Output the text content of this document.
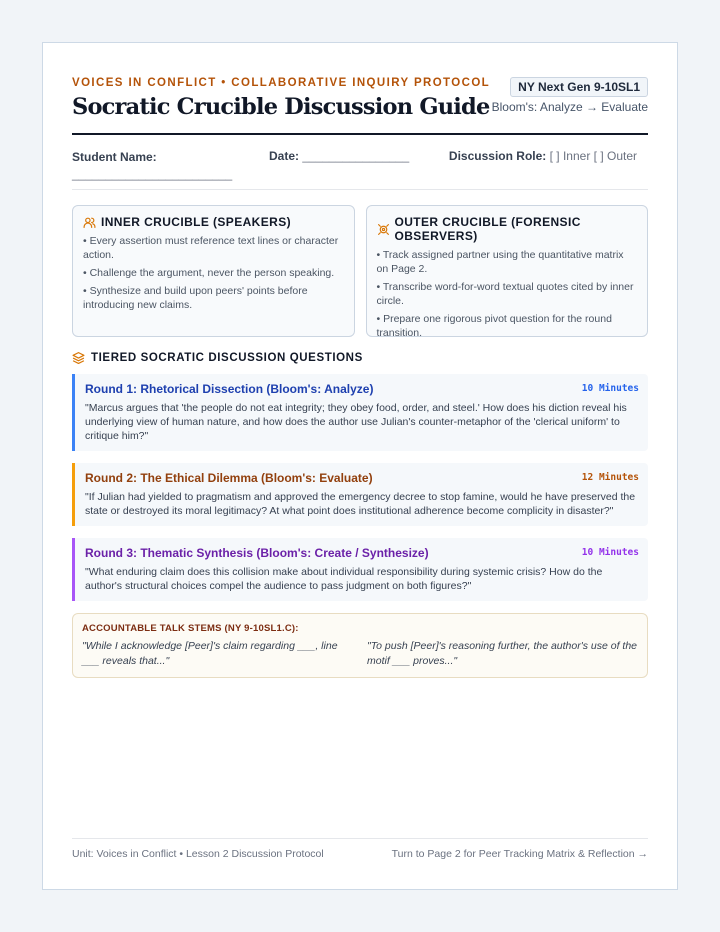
VOICES IN CONFLICT • COLLABORATIVE INQUIRY PROTOCOL
Socratic Crucible Discussion Guide
NY Next Gen 9-10SL1
Bloom's: Analyze → Evaluate
Student Name:
________________________
Date: ________________	Discussion Role: [ ] Inner [ ] Outer
INNER CRUCIBLE (SPEAKERS)
• Every assertion must reference text lines or character action.
• Challenge the argument, never the person speaking.
• Synthesize and build upon peers' points before introducing new claims.
OUTER CRUCIBLE (FORENSIC OBSERVERS)
• Track assigned partner using the quantitative matrix on Page 2.
• Transcribe word-for-word textual quotes cited by inner circle.
• Prepare one rigorous pivot question for the round transition.
TIERED SOCRATIC DISCUSSION QUESTIONS
Round 1: Rhetorical Dissection (Bloom's: Analyze)	10 Minutes
"Marcus argues that 'the people do not eat integrity; they obey food, order, and steel.' How does his diction reveal his underlying view of human nature, and how does the author use Julian's counter-metaphor of the 'clerical uniform' to critique him?"
Round 2: The Ethical Dilemma (Bloom's: Evaluate)	12 Minutes
"If Julian had yielded to pragmatism and approved the emergency decree to stop famine, would he have preserved the state or destroyed its moral legitimacy? At what point does institutional adherence become complicity in disaster?"
Round 3: Thematic Synthesis (Bloom's: Create / Synthesize)	10 Minutes
"What enduring claim does this collision make about individual responsibility during systemic crisis? How do the author's structural choices compel the audience to pass judgment on both figures?"
ACCOUNTABLE TALK STEMS (NY 9-10SL1.C):
"While I acknowledge [Peer]'s claim regarding ___, line ___ reveals that..."
"To push [Peer]'s reasoning further, the author's use of the motif ___ proves..."
Unit: Voices in Conflict • Lesson 2 Discussion Protocol	Turn to Page 2 for Peer Tracking Matrix & Reflection →
